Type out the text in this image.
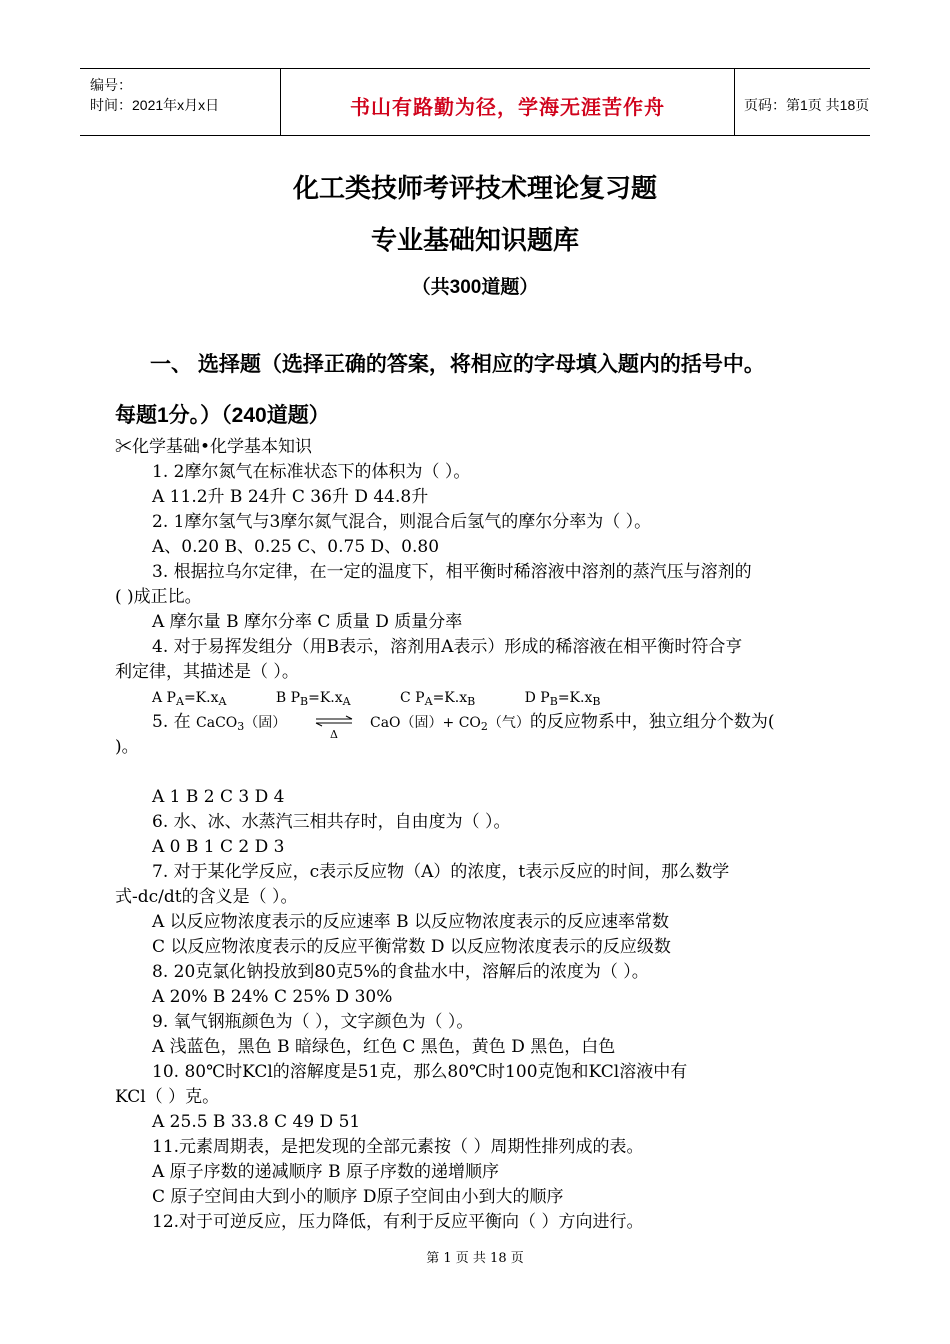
编号：
时间：2021年x月x日	书山有路勤为径，学海无涯苦作舟	页码：第1页 共18页
化工类技师考评技术理论复习题
专业基础知识题库
（共300道题）
一、 选择题（选择正确的答案，将相应的字母填入题内的括号中。
每题1分。）（240道题）
✂化学基础•化学基本知识
1. 2摩尔氮气在标准状态下的体积为（ ）。
A 11.2升 B 24升 C 36升 D 44.8升
2. 1摩尔氢气与3摩尔氮气混合，则混合后氢气的摩尔分率为（ ）。
A、0.20 B、0.25 C、0.75 D、0.80
3. 根据拉乌尔定律，在一定的温度下，相平衡时稀溶液中溶剂的蒸汽压与溶剂的
( )成正比。
A 摩尔量 B 摩尔分率 C 质量 D 质量分率
4. 对于易挥发组分（用B表示，溶剂用A表示）形成的稀溶液在相平衡时符合亨
利定律，其描述是（ ）。
A $P_A=K.x_A$	B $P_B=K.x_A$	C $P_A=K.x_B$	D $P_B=K.x_B$
5. 在 CaCO$_3$（固）
Δ
CaO（固）+ $CO_2$（气）的反应物系中，独立组分个数为(
)。
A 1 B 2 C 3 D 4
6. 水、冰、水蒸汽三相共存时，自由度为（ ）。
A 0 B 1 C 2 D 3
7. 对于某化学反应，c表示反应物（A）的浓度，t表示反应的时间，那么数学
式-dc/dt的含义是（ ）。
A 以反应物浓度表示的反应速率 B 以反应物浓度表示的反应速率常数
C 以反应物浓度表示的反应平衡常数 D 以反应物浓度表示的反应级数
8. 20克氯化钠投放到80克5%的食盐水中，溶解后的浓度为（ ）。
A 20% B 24% C 25% D 30%
9. 氧气钢瓶颜色为（ ），文字颜色为（ ）。
A 浅蓝色，黑色 B 暗绿色，红色 C 黑色，黄色 D 黑色，白色
10. 80℃时KCl的溶解度是51克，那么80℃时100克饱和KCl溶液中有
KCl（ ）克。
A 25.5 B 33.8 C 49 D 51
11.元素周期表，是把发现的全部元素按（ ）周期性排列成的表。
A 原子序数的递减顺序 B 原子序数的递增顺序
C 原子空间由大到小的顺序 D原子空间由小到大的顺序
12.对于可逆反应，压力降低，有利于反应平衡向（ ）方向进行。
第 1 页 共 18 页
